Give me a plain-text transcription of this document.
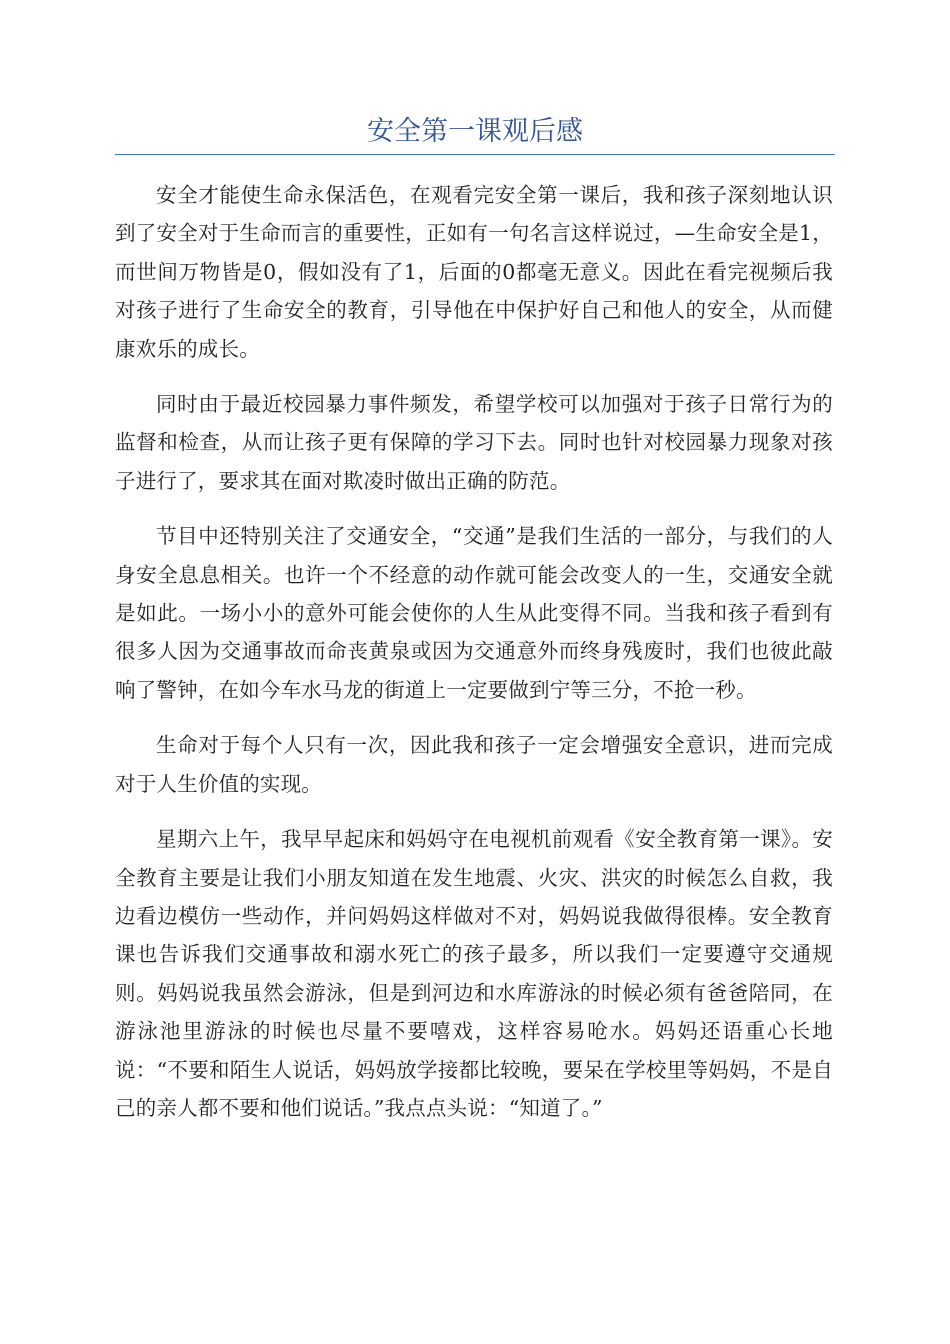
安全第一课观后感

安全才能使生命永保活色，在观看完安全第一课后，我和孩子深刻地认识到了安全对于生命而言的重要性，正如有一句名言这样说过，—生命安全是1，而世间万物皆是0，假如没有了1，后面的0都毫无意义。因此在看完视频后我对孩子进行了生命安全的教育，引导他在中保护好自己和他人的安全，从而健康欢乐的成长。

同时由于最近校园暴力事件频发，希望学校可以加强对于孩子日常行为的监督和检查，从而让孩子更有保障的学习下去。同时也针对校园暴力现象对孩子进行了，要求其在面对欺凌时做出正确的防范。

节目中还特别关注了交通安全，“交通”是我们生活的一部分，与我们的人身安全息息相关。也许一个不经意的动作就可能会改变人的一生，交通安全就是如此。一场小小的意外可能会使你的人生从此变得不同。当我和孩子看到有很多人因为交通事故而命丧黄泉或因为交通意外而终身残废时，我们也彼此敲响了警钟，在如今车水马龙的街道上一定要做到宁等三分，不抢一秒。

生命对于每个人只有一次，因此我和孩子一定会增强安全意识，进而完成对于人生价值的实现。

星期六上午，我早早起床和妈妈守在电视机前观看《安全教育第一课》。安全教育主要是让我们小朋友知道在发生地震、火灾、洪灾的时候怎么自救，我边看边模仿一些动作，并问妈妈这样做对不对，妈妈说我做得很棒。安全教育课也告诉我们交通事故和溺水死亡的孩子最多，所以我们一定要遵守交通规则。妈妈说我虽然会游泳，但是到河边和水库游泳的时候必须有爸爸陪同，在游泳池里游泳的时候也尽量不要嘻戏，这样容易呛水。妈妈还语重心长地说：“不要和陌生人说话，妈妈放学接都比较晚，要呆在学校里等妈妈，不是自己的亲人都不要和他们说话。”我点点头说：“知道了。”
